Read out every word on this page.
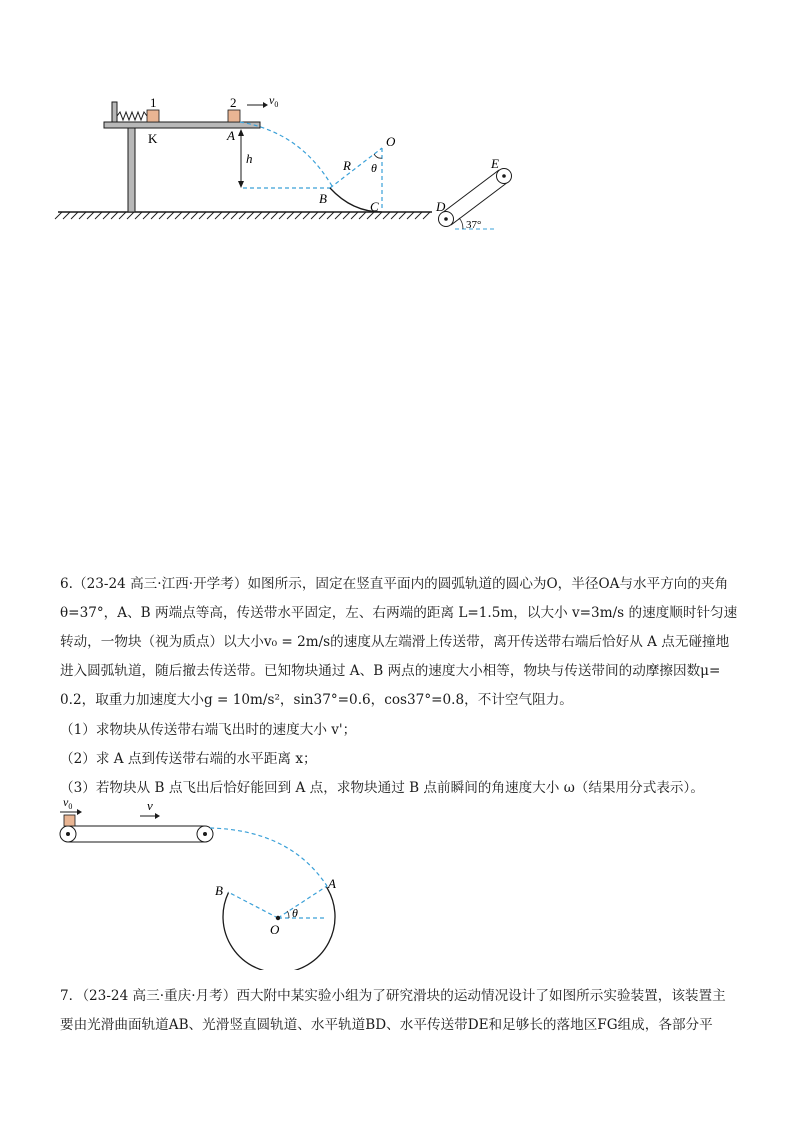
1	2	$v_0$
K	A
h
O
R θ
B
C	D
E
37°
6.（23-24 高三·江西·开学考）如图所示，固定在竖直平面内的圆弧轨道的圆心为O，半径OA与水平方向的夹角
θ=37°，A、B 两端点等高，传送带水平固定，左、右两端的距离 L=1.5m，以大小 v=3m/s 的速度顺时针匀速
转动，一物块（视为质点）以大小v₀ = 2m/s的速度从左端滑上传送带，离开传送带右端后恰好从 A 点无碰撞地
进入圆弧轨道，随后撤去传送带。已知物块通过 A、B 两点的速度大小相等，物块与传送带间的动摩擦因数μ=
0.2，取重力加速度大小g = 10m/s²，sin37°=0.6，cos37°=0.8，不计空气阻力。
（1）求物块从传送带右端飞出时的速度大小 v'；
（2）求 A 点到传送带右端的水平距离 x；
（3）若物块从 B 点飞出后恰好能回到 A 点，求物块通过 B 点前瞬间的角速度大小 ω（结果用分式表示）。
$v_0$	v
A
B
O
θ
7．（23-24 高三·重庆·月考）西大附中某实验小组为了研究滑块的运动情况设计了如图所示实验装置，该装置主
要由光滑曲面轨道AB、光滑竖直圆轨道、水平轨道BD、水平传送带DE和足够长的落地区FG组成，各部分平
